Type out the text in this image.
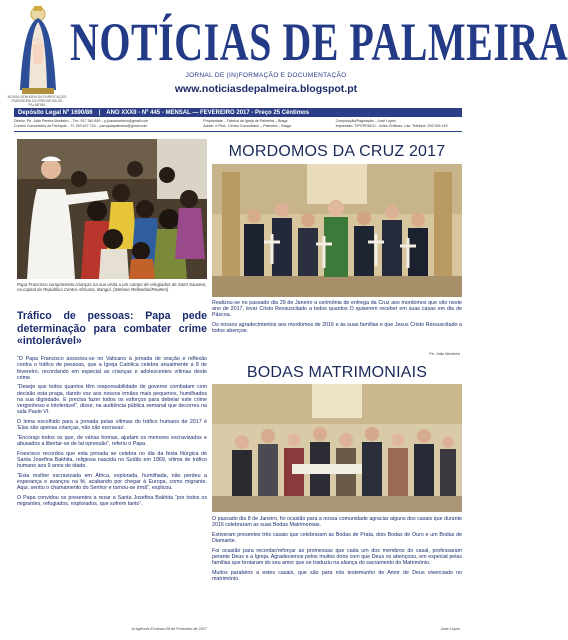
NOSSA SENHORA DA PURIFICAÇÃO PADROEIRA DA FREGUESIA DE PALMEIRA
NOTÍCIAS DE PALMEIRA
JORNAL DE (IN)FORMAÇÃO E DOCUMENTAÇÃO
www.noticiasdepalmeira.blogspot.pt
Depósito Legal Nº 1690/86	|	ANO XXXII - Nº 445 - MENSAL — FEVEREIRO 2017 - Preço 25 Cêntimos
Diretor: Pe. João Pereira Monteiro – Tlm. 917 340 849 – p.joaomonteiro@gmail.com
Correio Comunitário da Paróquia – Tf. 253 627 724 – paroquiapalmeira@gmail.com
Propriedade – Fábrica da Igreja de Palmeira – Braga
Admin. e Red.: Centro Comunitário – Palmeira – Braga
Composição/Paginação – José Lopes
Impressão: TIPOPRADO – Artes Gráficas, Lda. Telefone: 253 928 149
Papa Francisco cumprimenta crianças na sua visita a um campo de refugiados de Saint Sauveur, na capital da República Centro-Africana, Bangui. (Stefano Rellandini/Reuters)
Tráfico de pessoas: Papa pede determinação para combater crime «intolerável»

“O Papa Francisco associou-se no Vaticano à jornada de oração e reflexão contra o tráfico de pessoas, que a Igreja Católica celebra anualmente a 8 de fevereiro, recordando em especial as crianças e adolescentes vítimas deste crime.

“Deseje que todos quantos têm responsabilidade de governe combatam com decisão esta praga, dando voz aos nossos irmãos mais pequenos, humilhados na sua dignidade. E precisa fazer todos os esforços para debelar este crime vergonhoso e intolerável”, disse, na audiência pública semanal que decorreu na sala Paulo VI.

O lema escolhido para a jornada pelas vítimas do tráfico humano de 2017 é ‘Elas são apenas crianças, não são escravas’.

“Encorajo todos os que, de várias formas, ajudam os menores escravizados e abusados a libertar-se de tal opressão”, referiu o Papa.

Francisco recordou que esta jornada se celebra no dia da festa litúrgica de Santa Josefina Bakhita, religiosa nascida no Sudão em 1869, vítima de tráfico humano aos 9 anos de idade.

“Esta mulher escravizada em África, explorada, humilhada, não perdeu a esperança e avançou na fé, acabando por chegar à Europa, como migrante. Aqui, sentiu o chamamento do Senhor e tornou-se irmã”, explicou.

O Papa convidou os presentes a rezar a Santa Josefina Bakhita “por todos os migrantes, refugiados, explorados, que sofrem tanto”.

In Agência Ecclesia 08 de Fevereiro de 2017
MORDOMOS DA CRUZ 2017

Realizou-se no passado dia 29 de Janeiro a cerimónia de entrega da Cruz aos mordomos que vão neste ano de 2017, levar Cristo Ressuscitado a todos quantos O quiserem receber em suas casas em dia de Páscoa.

Os nossos agradecimentos aos mordomos de 2016 e às suas famílias e que Jesus Cristo Ressuscitado a todos abençoe.

Pe. João Monteiro
BODAS MATRIMONIAIS

O passado dia 8 de Janeiro, foi ocasião para a nossa comunidade agraciar alguns dos casais que durante 2016 celebraram as suas Bodas Matrimoniais.

Estiveram presentes três casais que celebraram as Bodas de Prata, dois Bodas de Ouro e um Bodas de Diamante.

Foi ocasião para recordar/reforçar as promessas que cada um dos membros do casal, professaram perante Deus e a Igreja. Agradecemos pelos muitos dons com que Deus os abençoou, em especial pelas famílias que brotaram do seu amor que se traduziu na aliança do sacramento do Matrimónio.

Muitos parabéns a estes casais, que são para nós testemunho de Amor de Deus vivenciado no matrimónio.

José Lopes
